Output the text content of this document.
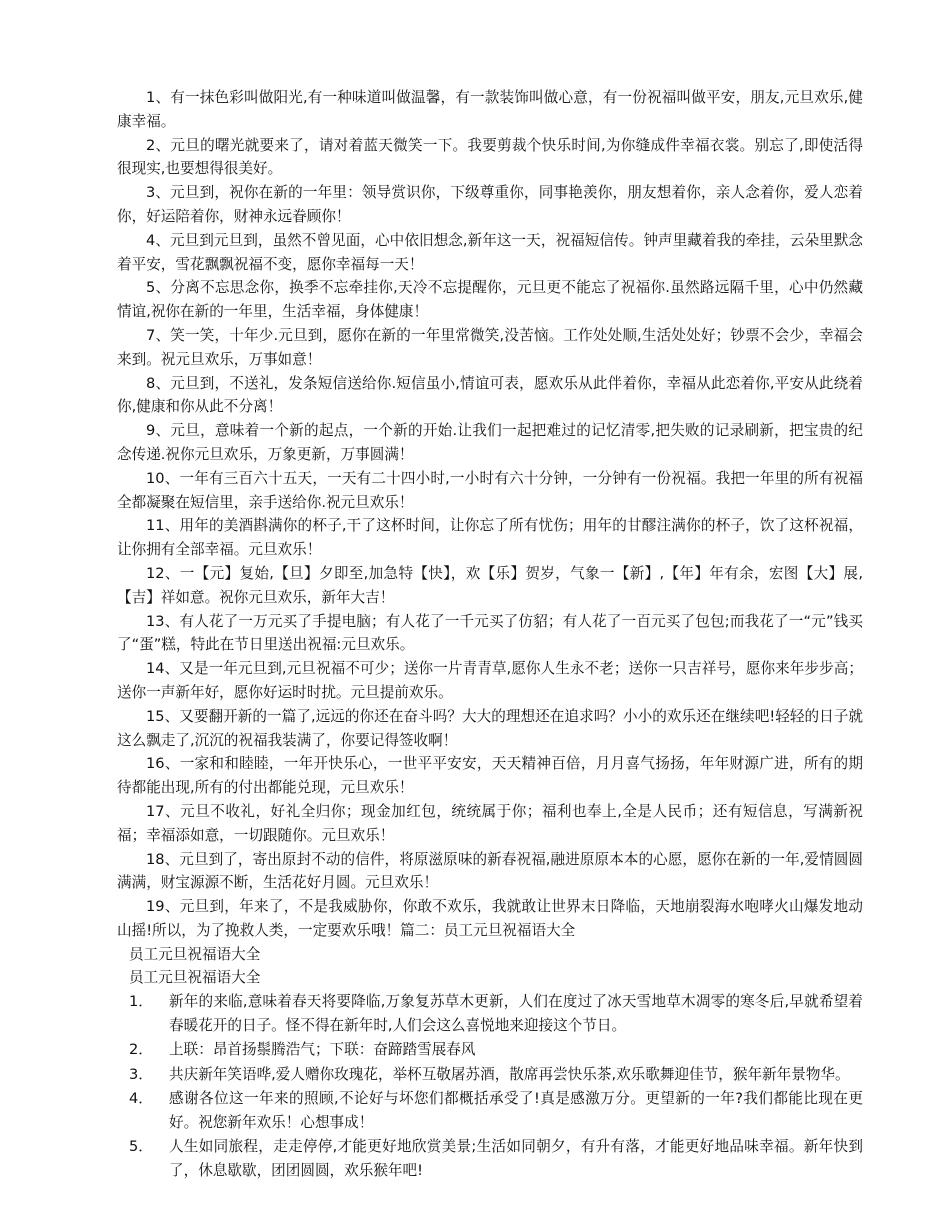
1、有一抹色彩叫做阳光,有一种味道叫做温馨，有一款装饰叫做心意，有一份祝福叫做平安，朋友,元旦欢乐,健康幸福。

2、元旦的曙光就要来了，请对着蓝天微笑一下。我要剪裁个快乐时间,为你缝成件幸福衣裳。别忘了,即使活得很现实,也要想得很美好。

3、元旦到，祝你在新的一年里：领导赏识你，下级尊重你，同事艳羡你，朋友想着你，亲人念着你，爱人恋着你，好运陪着你，财神永远眷顾你！

4、元旦到元旦到，虽然不曾见面，心中依旧想念,新年这一天，祝福短信传。钟声里藏着我的牵挂，云朵里默念着平安，雪花飘飘祝福不变，愿你幸福每一天！

5、分离不忘思念你，换季不忘牵挂你,天冷不忘提醒你，元旦更不能忘了祝福你.虽然路远隔千里，心中仍然藏情谊,祝你在新的一年里，生活幸福，身体健康！

7、笑一笑，十年少.元旦到，愿你在新的一年里常微笑,没苦恼。工作处处顺,生活处处好；钞票不会少，幸福会来到。祝元旦欢乐，万事如意！

8、元旦到，不送礼，发条短信送给你.短信虽小,情谊可表，愿欢乐从此伴着你，幸福从此恋着你,平安从此绕着你,健康和你从此不分离！

9、元旦，意味着一个新的起点，一个新的开始.让我们一起把难过的记忆清零,把失败的记录刷新，把宝贵的纪念传递.祝你元旦欢乐，万象更新，万事圆满！

10、一年有三百六十五天，一天有二十四小时,一小时有六十分钟，一分钟有一份祝福。我把一年里的所有祝福全都凝聚在短信里，亲手送给你.祝元旦欢乐！

11、用年的美酒斟满你的杯子,干了这杯时间，让你忘了所有忧伤；用年的甘醪注满你的杯子，饮了这杯祝福，让你拥有全部幸福。元旦欢乐！

12、一【元】复始,【旦】夕即至,加急特【快】，欢【乐】贺岁，气象一【新】,【年】年有余，宏图【大】展,【吉】祥如意。祝你元旦欢乐，新年大吉！

13、有人花了一万元买了手提电脑；有人花了一千元买了仿貂；有人花了一百元买了包包;而我花了一“元”钱买了“蛋”糕，特此在节日里送出祝福:元旦欢乐。

14、又是一年元旦到,元旦祝福不可少；送你一片青青草,愿你人生永不老；送你一只吉祥号，愿你来年步步高；送你一声新年好，愿你好运时时扰。元旦提前欢乐。

15、又要翻开新的一篇了,远远的你还在奋斗吗？大大的理想还在追求吗？小小的欢乐还在继续吧!轻轻的日子就这么飘走了,沉沉的祝福我装满了，你要记得签收啊！

16、一家和和睦睦，一年开快乐心，一世平平安安，天天精神百倍，月月喜气扬扬，年年财源广进，所有的期待都能出现,所有的付出都能兑现，元旦欢乐！

17、元旦不收礼，好礼全归你；现金加红包，统统属于你；福利也奉上,全是人民币；还有短信息，写满新祝福；幸福添如意，一切跟随你。元旦欢乐！

18、元旦到了，寄出原封不动的信件，将原滋原味的新春祝福,融进原原本本的心愿，愿你在新的一年,爱情圆圆满满，财宝源源不断，生活花好月圆。元旦欢乐！

19、元旦到，年来了，不是我威胁你，你敢不欢乐，我就敢让世界末日降临，天地崩裂海水咆哮火山爆发地动山摇!所以，为了挽救人类，一定要欢乐哦！篇二：员工元旦祝福语大全

员工元旦祝福语大全

员工元旦祝福语大全

1．	新年的来临,意味着春天将要降临,万象复苏草木更新，人们在度过了冰天雪地草木凋零的寒冬后,早就希望着春暖花开的日子。怪不得在新年时,人们会这么喜悦地来迎接这个节日。
2．	上联：昂首扬鬃腾浩气；下联：奋蹄踏雪展春风
3．	共庆新年笑语哗,爱人赠你玫瑰花，举杯互敬屠苏酒，散席再尝快乐茶,欢乐歌舞迎佳节，猴年新年景物华。
4．	感谢各位这一年来的照顾,不论好与坏您们都概括承受了!真是感激万分。更望新的一年?我们都能比现在更好。祝您新年欢乐！心想事成！
5．	人生如同旅程，走走停停,才能更好地欣赏美景;生活如同朝夕，有升有落，才能更好地品味幸福。新年快到了，休息歇歇，团团圆圆，欢乐猴年吧!
